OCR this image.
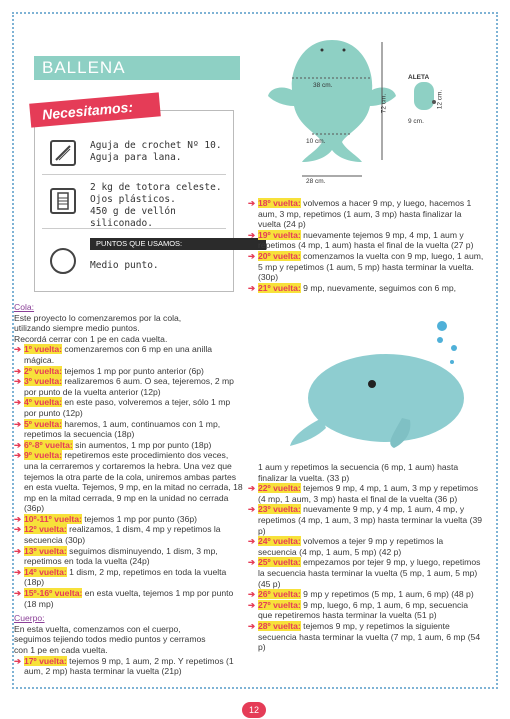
BALLENA
Necesitamos:
Aguja de crochet Nº 10.
Aguja para lana.
2 kg de totora celeste.
Ojos plásticos.
450 g de vellón siliconado.
PUNTOS QUE USAMOS:
Medio punto.
38 cm.
72 cm.
10 cm.
28 cm.
ALETA
12 cm.
9 cm.

Cola:

Este proyecto lo comenzaremos por la cola,

utilizando siempre medio puntos.

Recordá cerrar con 1 pe en cada vuelta.

➔ 1º vuelta: comenzaremos con 6 mp en una anilla mágica.
➔ 2º vuelta: tejemos 1 mp por punto anterior (6p)
➔ 3º vuelta: realizaremos 6 aum. O sea, tejeremos, 2 mp por punto de la vuelta anterior (12p)
➔ 4º vuelta: en este paso, volveremos a tejer, sólo 1 mp por punto (12p)
➔ 5º vuelta: haremos, 1 aum, continuamos con 1 mp, repetimos la secuencia (18p)
➔ 6º-8º vuelta: sin aumentos, 1 mp por punto (18p)
➔ 9º vuelta: repetiremos este procedimiento dos veces, una la cerraremos y cortaremos la hebra. Una vez que tejemos la otra parte de la cola, uniremos ambas partes en esta vuelta. Tejemos, 9 mp, en la mitad no cerrada, 18 mp en la mitad cerrada, 9 mp en la unidad no cerrada (36p)
➔ 10º-11º vuelta: tejemos 1 mp por punto (36p)
➔ 12º vuelta: realizamos, 1 dism, 4 mp y repetimos la secuencia (30p)
➔ 13º vuelta: seguimos disminuyendo, 1 dism, 3 mp, repetimos en toda la vuelta (24p)
➔ 14º vuelta: 1 dism, 2 mp, repetimos en toda la vuelta (18p)
➔ 15º-16º vuelta: en esta vuelta, tejemos 1 mp por punto (18 mp)

Cuerpo:

En esta vuelta, comenzamos con el cuerpo,

seguimos tejiendo todos medio puntos y cerramos

con 1 pe en cada vuelta.

➔ 17º vuelta: tejemos 9 mp, 1 aum, 2 mp. Y repetimos (1 aum, 2 mp) hasta terminar la vuelta (21p)
➔ 18º vuelta: volvemos a hacer 9 mp, y luego, hacemos 1 aum, 3 mp, repetimos (1 aum, 3 mp) hasta finalizar la vuelta (24 p)
➔ 19º vuelta: nuevamente tejemos 9 mp, 4 mp, 1 aum y repetimos (4 mp, 1 aum) hasta el final de la vuelta (27 p)
➔ 20º vuelta: comenzamos la vuelta con 9 mp, luego, 1 aum, 5 mp y repetimos (1 aum, 5 mp) hasta terminar la vuelta. (30p)
➔ 21º vuelta: 9 mp, nuevamente, seguimos con 6 mp,

1 aum y repetimos la secuencia (6 mp, 1 aum) hasta finalizar la vuelta. (33 p)

➔ 22º vuelta: tejemos 9 mp, 4 mp, 1 aum, 3 mp y repetimos (4 mp, 1 aum, 3 mp) hasta el final de la vuelta (36 p)
➔ 23º vuelta: nuevamente 9 mp, y 4 mp, 1 aum, 4 mp, y repetimos (4 mp, 1 aum, 3 mp) hasta terminar la vuelta (39 p)
➔ 24º vuelta: volvemos a tejer 9 mp y repetimos la secuencia (4 mp, 1 aum, 5 mp) (42 p)
➔ 25º vuelta: empezamos por tejer 9 mp, y luego, repetimos la secuencia hasta terminar la vuelta (5 mp, 1 aum, 5 mp) (45 p)
➔ 26º vuelta: 9 mp y repetimos (5 mp, 1 aum, 6 mp) (48 p)
➔ 27º vuelta: 9 mp, luego, 6 mp, 1 aum, 6 mp, secuencia que repetiremos hasta terminar la vuelta (51 p)
➔ 28º vuelta: tejemos 9 mp, y repetimos la siguiente secuencia hasta terminar la vuelta (7 mp, 1 aum, 6 mp (54 p)
12
